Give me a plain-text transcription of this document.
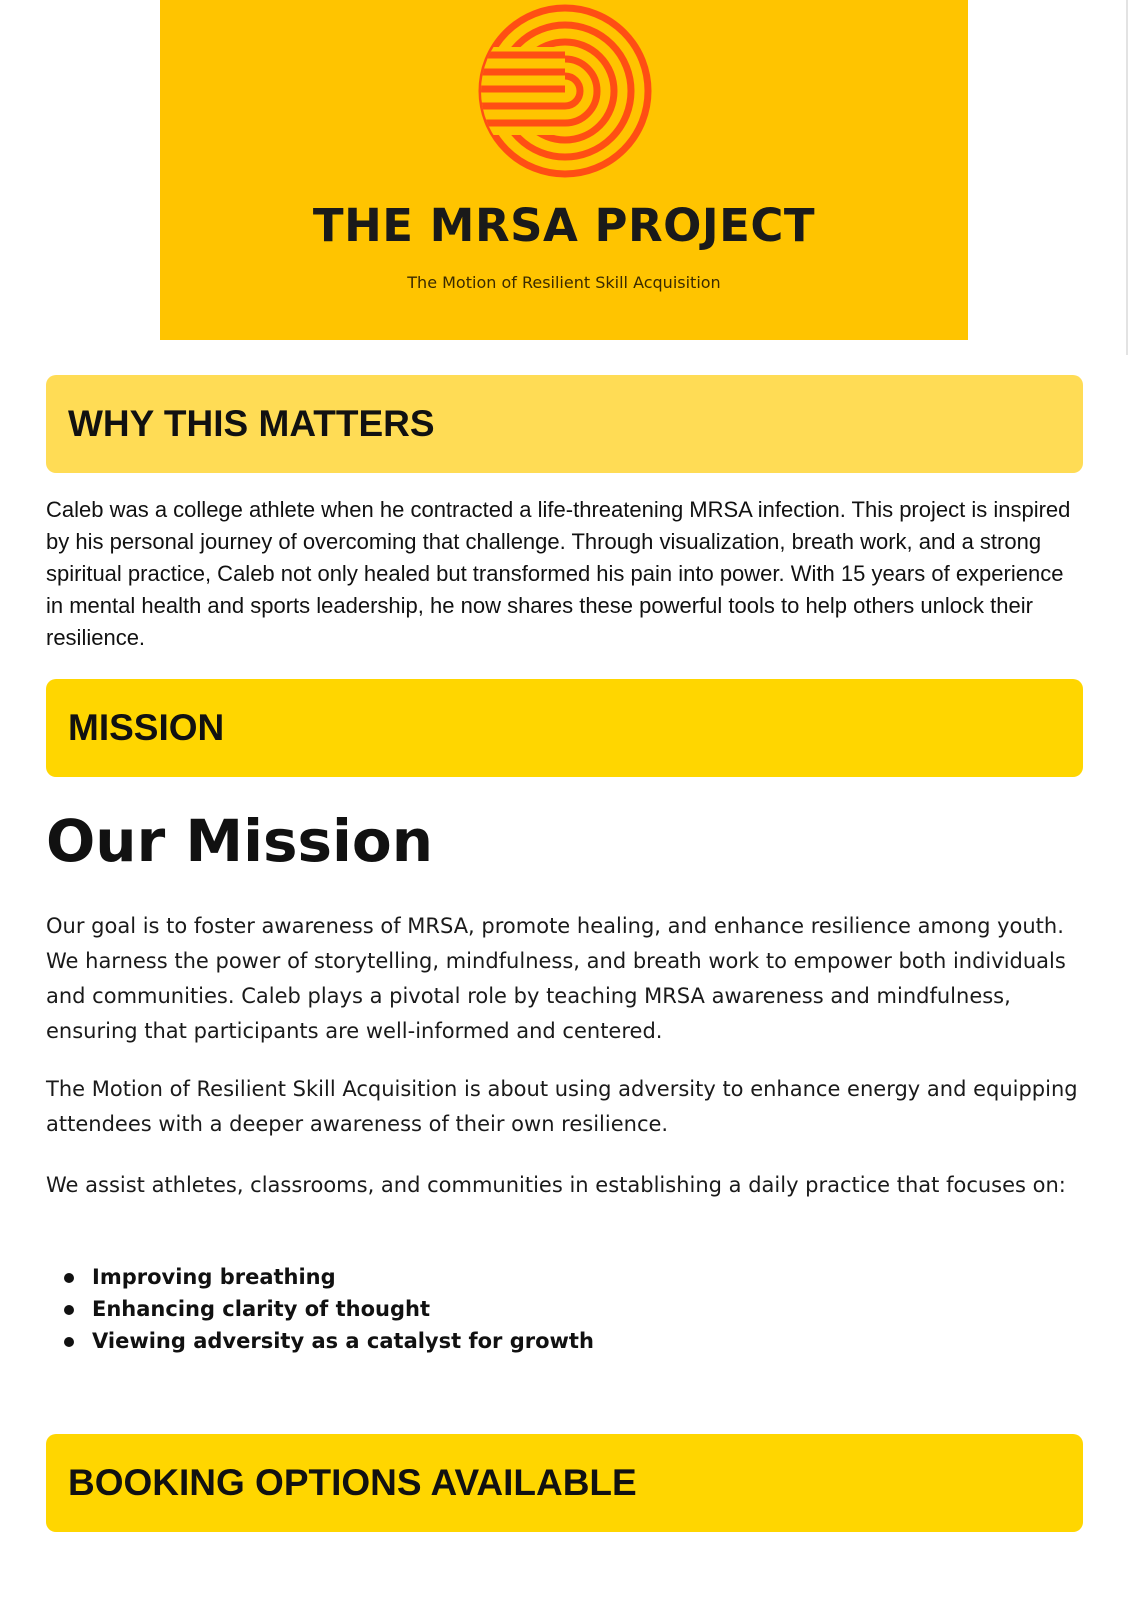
THE MRSA PROJECT
The Motion of Resilient Skill Acquisition
WHY THIS MATTERS

Caleb was a college athlete when he contracted a life-threatening MRSA infection. This project is inspired by his personal journey of overcoming that challenge. Through visualization, breath work, and a strong spiritual practice, Caleb not only healed but transformed his pain into power. With 15 years of experience in mental health and sports leadership, he now shares these powerful tools to help others unlock their resilience.

MISSION
Our Mission

Our goal is to foster awareness of MRSA, promote healing, and enhance resilience among youth. We harness the power of storytelling, mindfulness, and breath work to empower both individuals and communities. Caleb plays a pivotal role by teaching MRSA awareness and mindfulness, ensuring that participants are well-informed and centered.

The Motion of Resilient Skill Acquisition is about using adversity to enhance energy and equipping attendees with a deeper awareness of their own resilience.

We assist athletes, classrooms, and communities in establishing a daily practice that focuses on:

Improving breathing
Enhancing clarity of thought
Viewing adversity as a catalyst for growth
BOOKING OPTIONS AVAILABLE
